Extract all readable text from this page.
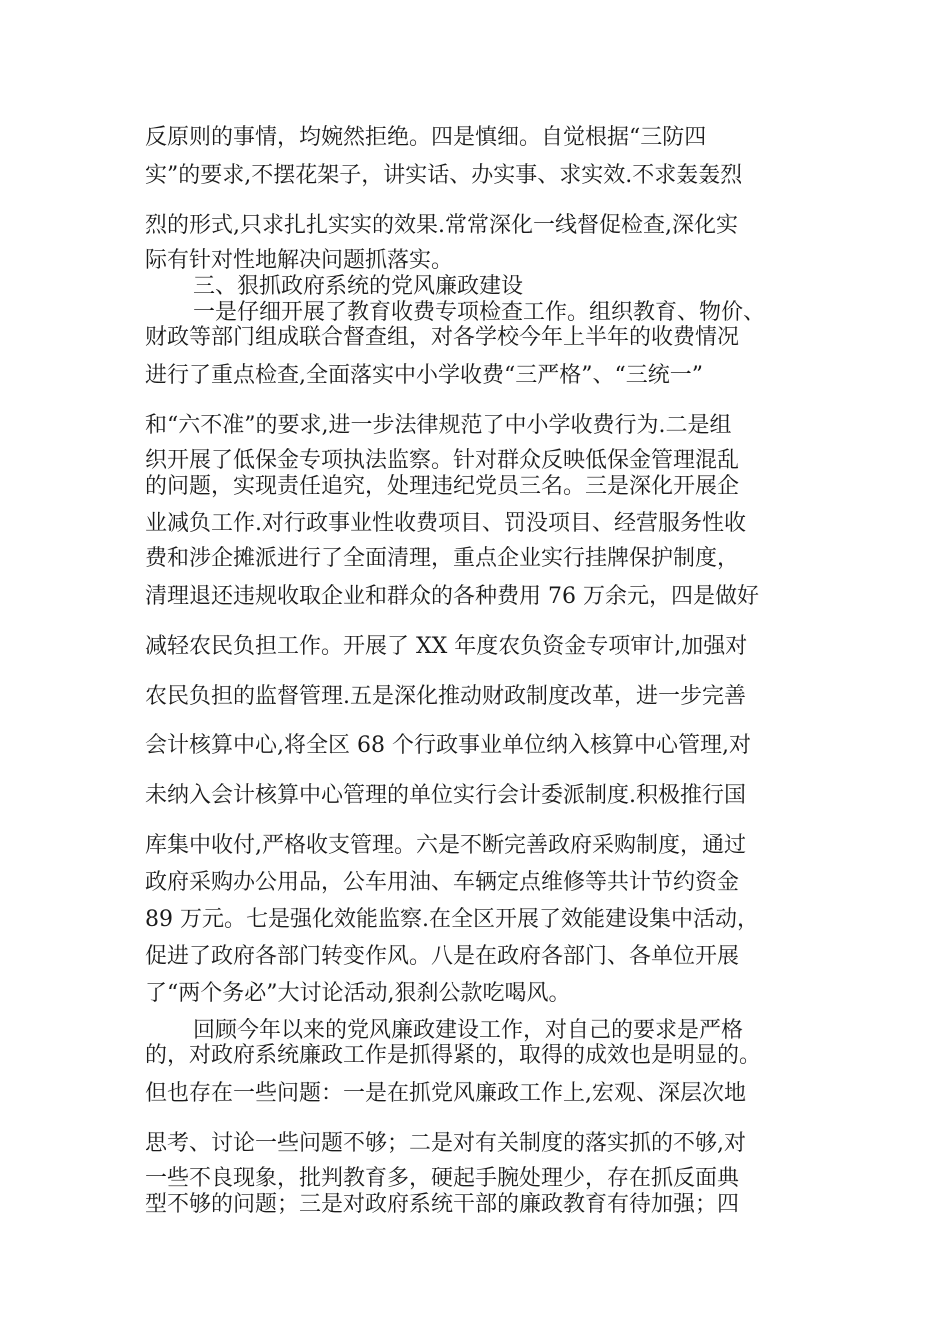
反原则的事情，均婉然拒绝。四是慎细。自觉根据“三防四
实”的要求,不摆花架子，讲实话、办实事、求实效.不求轰轰烈
烈的形式,只求扎扎实实的效果.常常深化一线督促检查,深化实
际有针对性地解决问题抓落实。
三、狠抓政府系统的党风廉政建设
一是仔细开展了教育收费专项检查工作。组织教育、物价、
财政等部门组成联合督查组，对各学校今年上半年的收费情况
进行了重点检查,全面落实中小学收费“三严格”、“三统一”
和“六不准”的要求,进一步法律规范了中小学收费行为.二是组
织开展了低保金专项执法监察。针对群众反映低保金管理混乱
的问题，实现责任追究，处理违纪党员三名。三是深化开展企
业减负工作.对行政事业性收费项目、罚没项目、经营服务性收
费和涉企摊派进行了全面清理，重点企业实行挂牌保护制度，
清理退还违规收取企业和群众的各种费用 76 万余元，四是做好
减轻农民负担工作。开展了 XX 年度农负资金专项审计,加强对
农民负担的监督管理.五是深化推动财政制度改革，进一步完善
会计核算中心,将全区 68 个行政事业单位纳入核算中心管理,对
未纳入会计核算中心管理的单位实行会计委派制度.积极推行国
库集中收付,严格收支管理。六是不断完善政府采购制度，通过
政府采购办公用品，公车用油、车辆定点维修等共计节约资金
89 万元。七是强化效能监察.在全区开展了效能建设集中活动，
促进了政府各部门转变作风。八是在政府各部门、各单位开展
了“两个务必”大讨论活动,狠刹公款吃喝风。
回顾今年以来的党风廉政建设工作，对自己的要求是严格
的，对政府系统廉政工作是抓得紧的，取得的成效也是明显的。
但也存在一些问题：一是在抓党风廉政工作上,宏观、深层次地
思考、讨论一些问题不够；二是对有关制度的落实抓的不够,对
一些不良现象，批判教育多，硬起手腕处理少，存在抓反面典
型不够的问题；三是对政府系统干部的廉政教育有待加强；四
